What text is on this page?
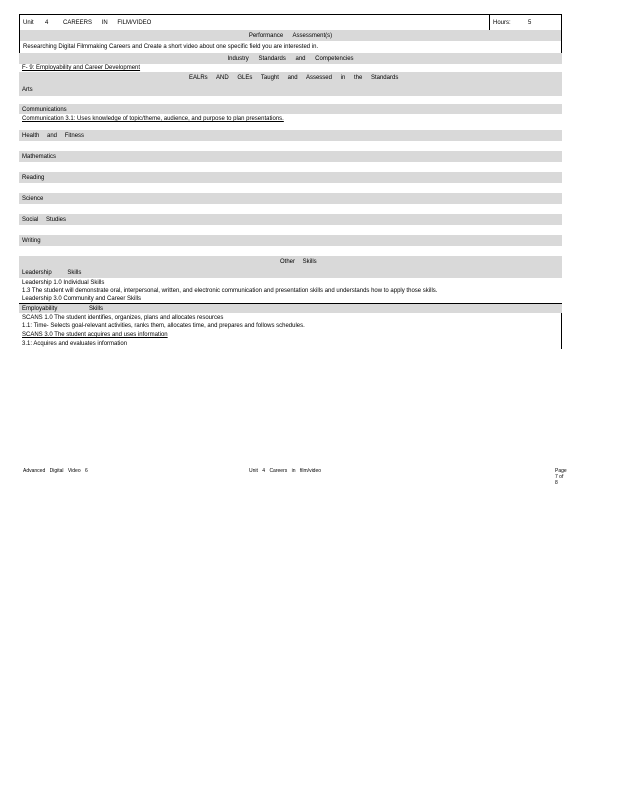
Unit 4 CAREERS IN FILM/VIDEO	Hours:	5
Performance Assessment(s)
Researching Digital Filmmaking Careers and Create a short video about one specific field you are interested in.
Industry Standards and Competencies
F- 9: Employability and Career Development
EALRs AND GLEs Taught and Assessed in the Standards
Arts
Communications
Communication 3.1: Uses knowledge of topic/theme, audience, and purpose to plan presentations.
Health and Fitness
Mathematics
Reading
Science
Social Studies
Writing
Other Skills
Leadership Skills
Leadership 1.0 Individual Skills
1.3 The student will demonstrate oral, interpersonal, written, and electronic communication and presentation skills and understands how to apply those skills.
Leadership 3.0 Community and Career Skills
Employability Skills
SCANS 1.0 The student identifies, organizes, plans and allocates resources
1.1: Time- Selects goal-relevant activities, ranks them, allocates time, and prepares and follows schedules.
SCANS 3.0 The student acquires and uses information
3.1: Acquires and evaluates information
Advanced Digital Video 6	Unit 4 Careers in film/video	Page 7 of 8
